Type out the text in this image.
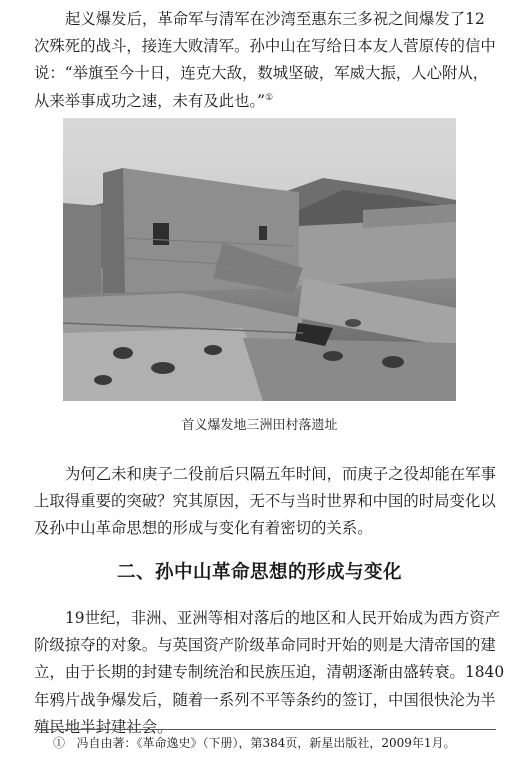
起义爆发后，革命军与清军在沙湾至惠东三多祝之间爆发了12
次殊死的战斗，接连大败清军。孙中山在写给日本友人菅原传的信中
说：“举旗至今十日，连克大敌，数城坚破，军威大振，人心附从，
从来举事成功之速，未有及此也。”①
首义爆发地三洲田村落遗址
为何乙未和庚子二役前后只隔五年时间，而庚子之役却能在军事
上取得重要的突破？究其原因，无不与当时世界和中国的时局变化以
及孙中山革命思想的形成与变化有着密切的关系。
二、孙中山革命思想的形成与变化
19世纪，非洲、亚洲等相对落后的地区和人民开始成为西方资产
阶级掠夺的对象。与英国资产阶级革命同时开始的则是大清帝国的建
立，由于长期的封建专制统治和民族压迫，清朝逐渐由盛转衰。1840
年鸦片战争爆发后，随着一系列不平等条约的签订，中国很快沦为半
殖民地半封建社会。
① 冯自由著：《革命逸史》（下册），第384页，新星出版社，2009年1月。
